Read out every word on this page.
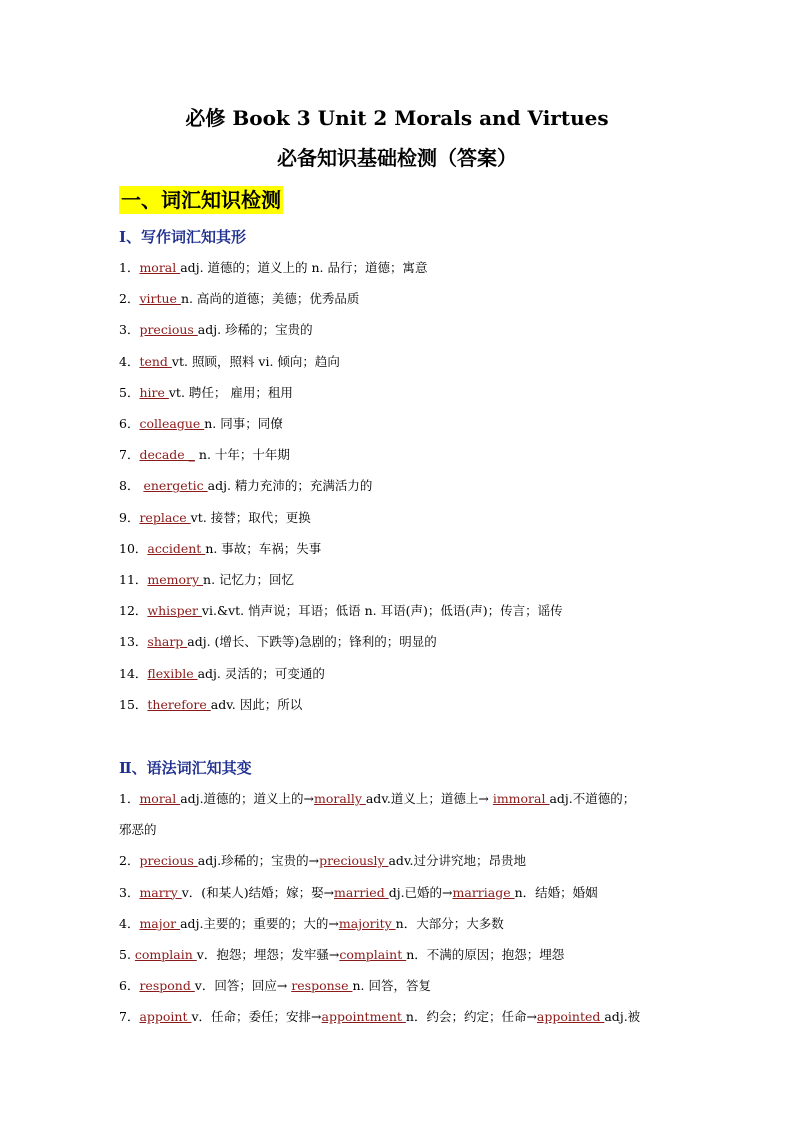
必修 Book 3 Unit 2 Morals and Virtues
必备知识基础检测（答案）
一、词汇知识检测
Ⅰ、写作词汇知其形
1．moral adj. 道德的；道义上的 n. 品行；道德；寓意
2．virtue n. 高尚的道德；美德；优秀品质
3．precious adj. 珍稀的；宝贵的
4．tend vt. 照顾，照料 vi. 倾向；趋向
5．hire vt. 聘任； 雇用；租用
6．colleague n. 同事；同僚
7．decade _ n. 十年；十年期
8． energetic adj. 精力充沛的；充满活力的
9．replace vt. 接替；取代；更换
10．accident n. 事故；车祸；失事
11．memory n. 记忆力；回忆
12．whisper vi.&vt. 悄声说；耳语；低语 n. 耳语(声)；低语(声)；传言；谣传
13．sharp adj. (增长、下跌等)急剧的；锋利的；明显的
14．flexible adj. 灵活的；可变通的
15．therefore adv. 因此；所以
Ⅱ、语法词汇知其变
1．moral adj.道德的；道义上的→morally adv.道义上；道德上→ immoral adj.不道德的；
邪恶的
2．precious adj.珍稀的；宝贵的→preciously adv.过分讲究地；昂贵地
3．marry v．(和某人)结婚；嫁；娶→married dj.已婚的→marriage n．结婚；婚姻
4．major adj.主要的；重要的；大的→majority n．大部分；大多数
5. complain v．抱怨；埋怨；发牢骚→complaint n．不满的原因；抱怨；埋怨
6．respond v．回答；回应→ response n. 回答，答复
7．appoint v．任命；委任；安排→appointment n．约会；约定；任命→appointed adj.被
